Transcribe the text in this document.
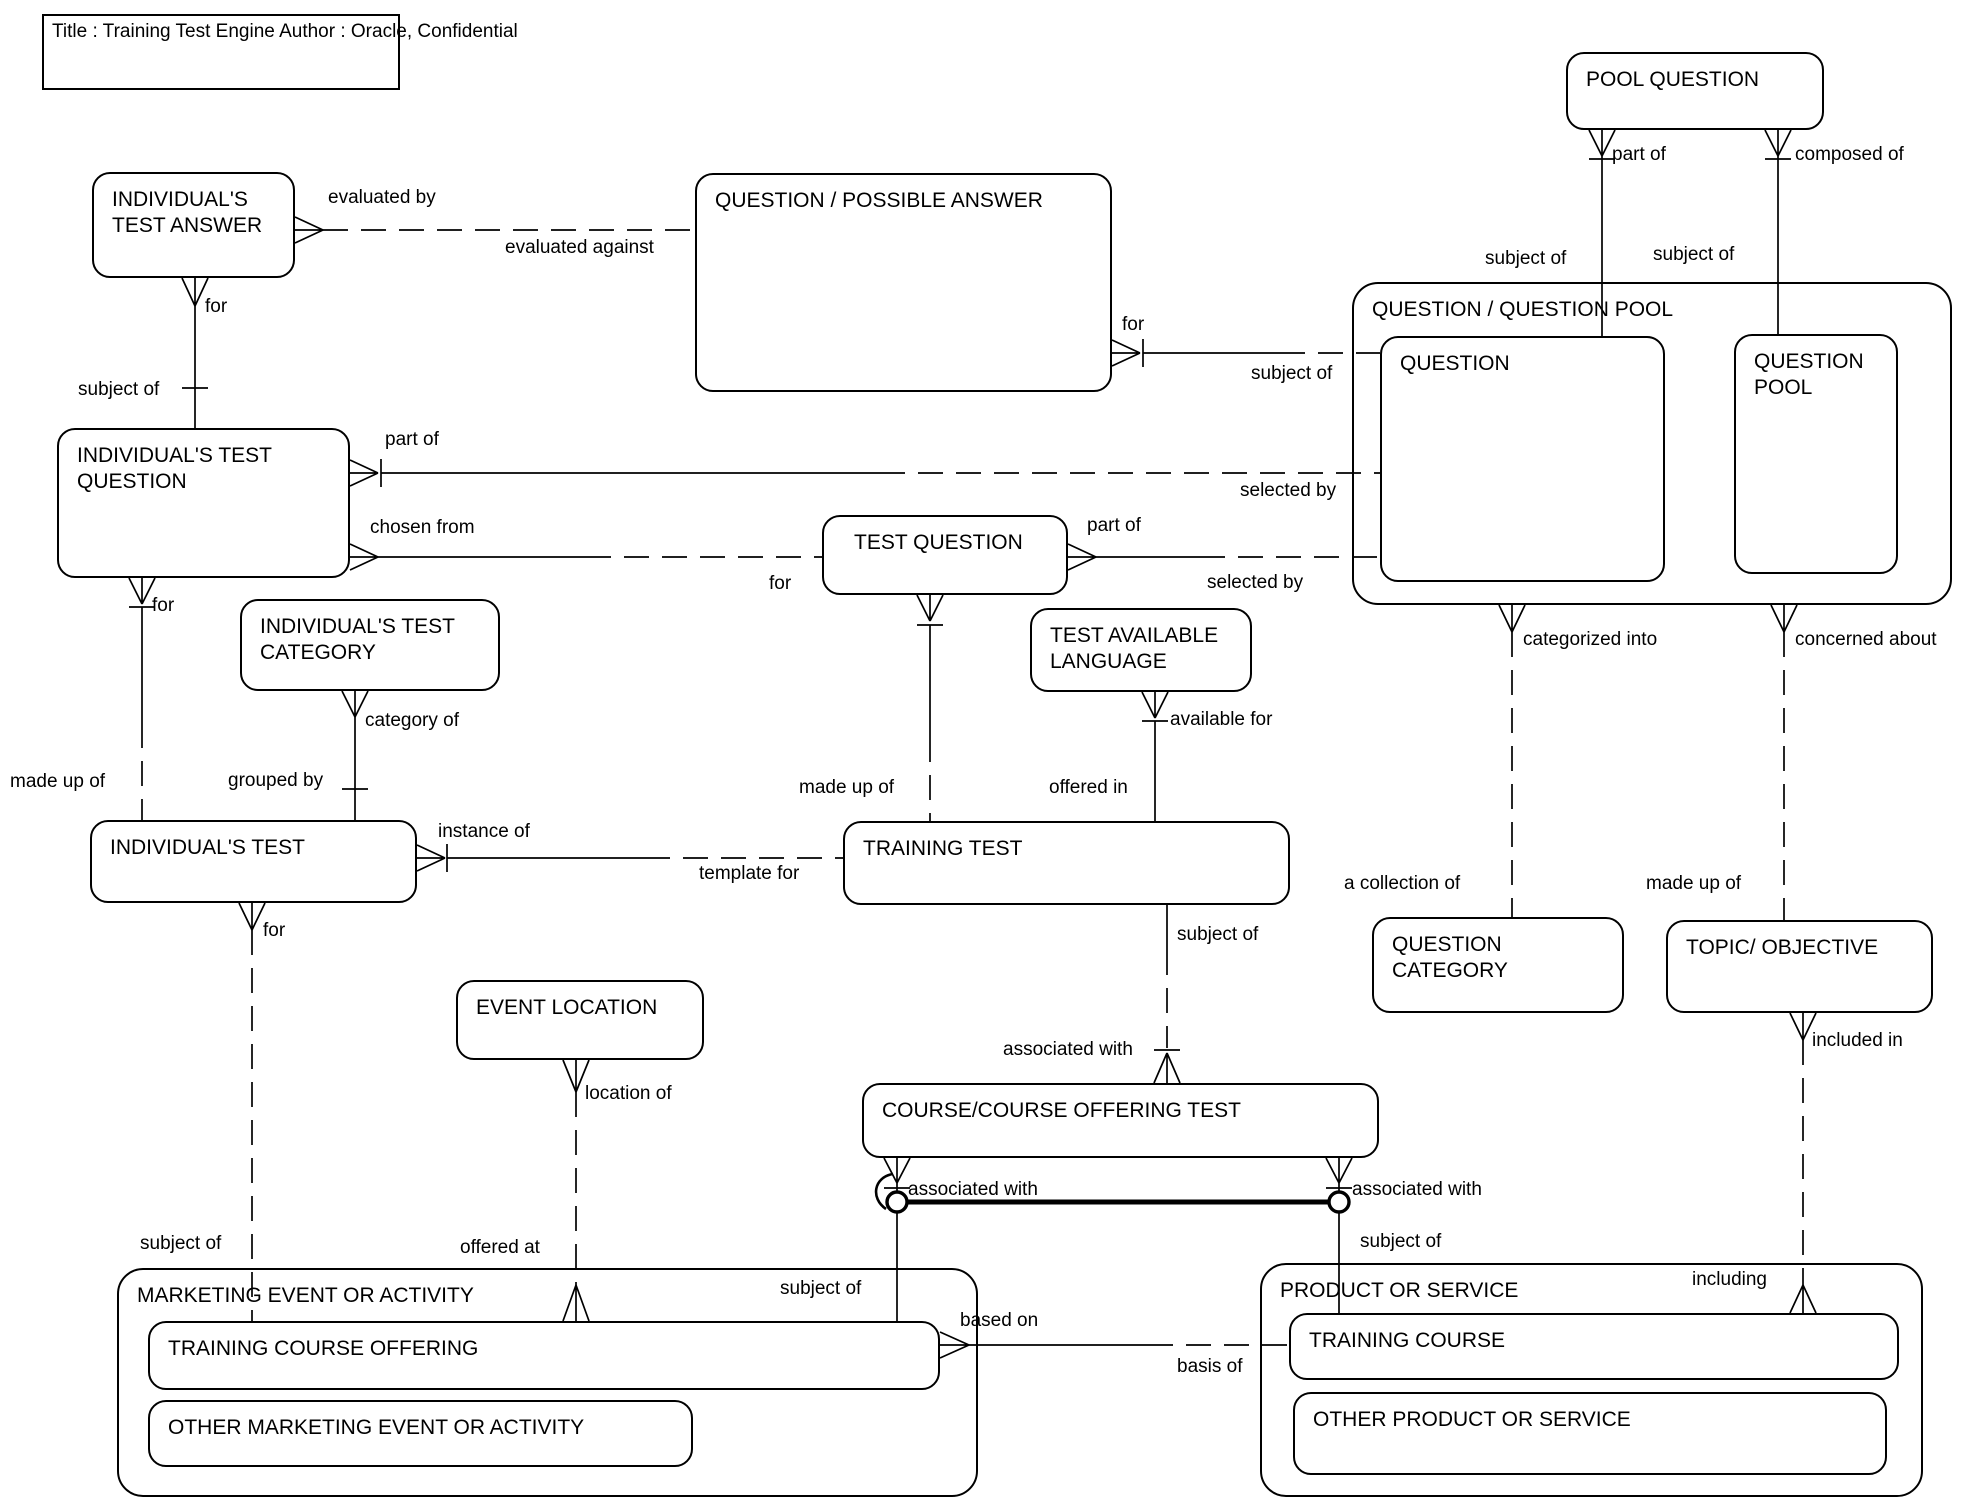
Title : Training Test Engine Author : Oracle, Confidential
QUESTION / QUESTION POOL
MARKETING EVENT OR ACTIVITY	PRODUCT OR SERVICE
INDIVIDUAL'S
TEST ANSWER
QUESTION / POSSIBLE ANSWER
POOL QUESTION
QUESTION	QUESTION
POOL
INDIVIDUAL'S TEST
QUESTION
TEST QUESTION
INDIVIDUAL'S TEST
CATEGORY
TEST AVAILABLE
LANGUAGE
INDIVIDUAL'S TEST	TRAINING TEST
QUESTION
CATEGORY
TOPIC/ OBJECTIVE
EVENT LOCATION
COURSE/COURSE OFFERING TEST
TRAINING COURSE OFFERING
OTHER MARKETING EVENT OR ACTIVITY
TRAINING COURSE
OTHER PRODUCT OR SERVICE
evaluated by
evaluated against
for
subject of
part of
selected by
chosen from
for
part of
selected by
for
subject of
part of	composed of
subject of	subject of
categorized into	concerned about
a collection of	made up of
included in
for
made up of
category of
grouped by
instance of
template for
made up of	offered in
available for
subject of
associated with
associated with	associated with
subject of
subject of
location of
offered at
for
subject of
based on
basis of
including
